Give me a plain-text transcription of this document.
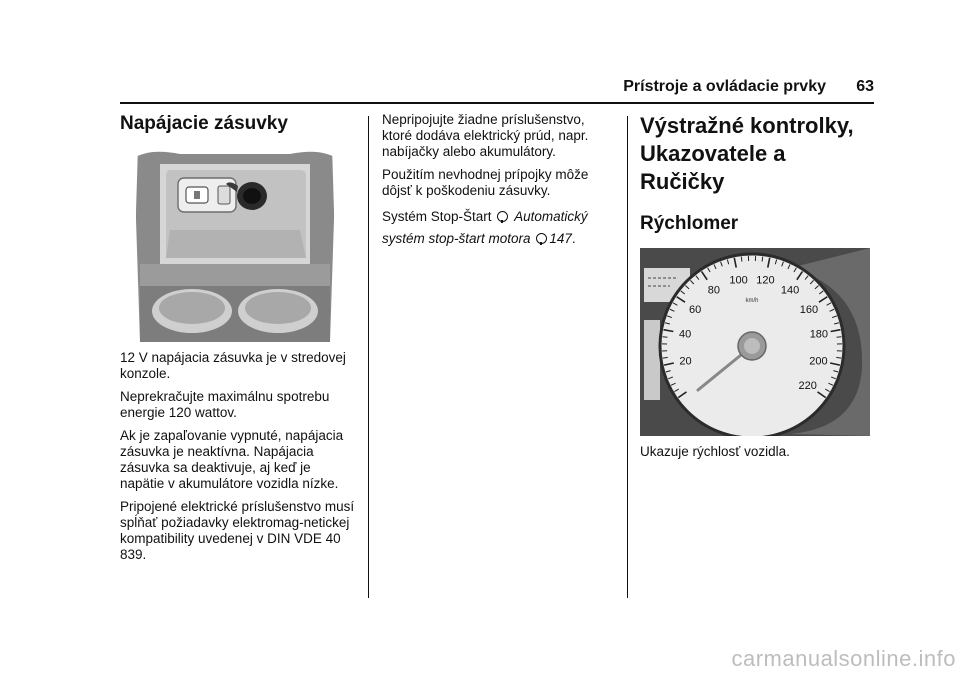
Prístroje a ovládacie prvky 63
Napájacie zásuvky

12 V napájacia zásuvka je v stredovej konzole.

Neprekračujte maximálnu spotrebu energie 120 wattov.

Ak je zapaľovanie vypnuté, napájacia zásuvka je neaktívna. Napájacia zásuvka sa deaktivuje, aj keď je napätie v akumulátore vozidla nízke.

Pripojené elektrické príslušenstvo musí spĺňať požiadavky elektromag‐netickej kompatibility uvedenej v DIN VDE 40 839.

Nepripojujte žiadne príslušenstvo, ktoré dodáva elektrický prúd, napr. nabíjačky alebo akumulátory.

Použitím nevhodnej prípojky môže dôjsť k poškodeniu zásuvky.

Systém Stop-Štart Automatický systém stop-štart motora 147.

Výstražné kontrolky,
Ukazovatele a
Ručičky
Rýchlomer
20
40
60
80
100 120
140
160
180
200
220
km/h

Ukazuje rýchlosť vozidla.

carmanualsonline.info
